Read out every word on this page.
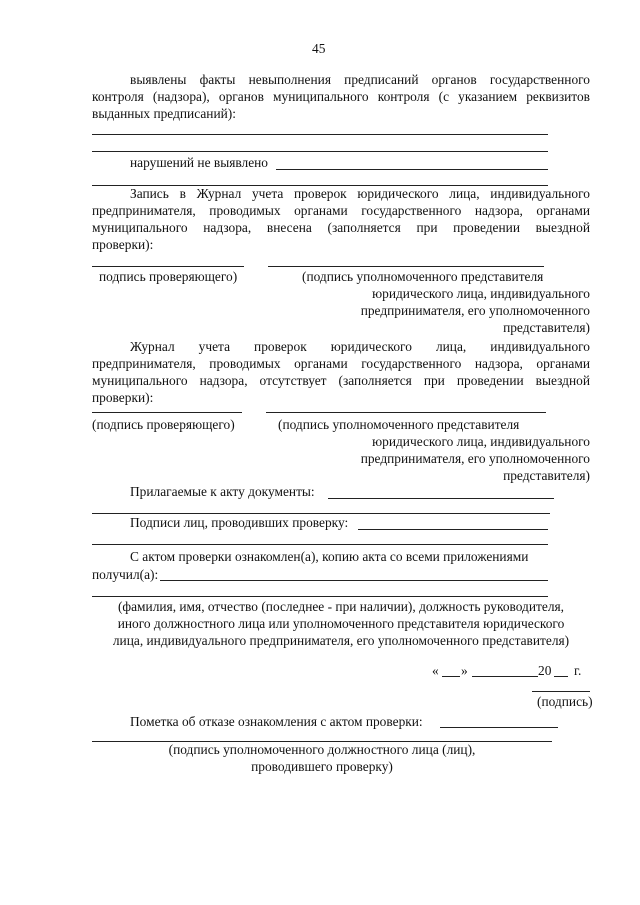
45
выявлены факты невыполнения предписаний органов государственного
контроля (надзора), органов муниципального контроля (с указанием реквизитов
выданных предписаний):
нарушений не выявлено
Запись в Журнал учета проверок юридического лица, индивидуального
предпринимателя, проводимых органами государственного надзора, органами
муниципального надзора, внесена (заполняется при проведении выездной
проверки):
подпись проверяющего)	(подпись уполномоченного представителя
юридического лица, индивидуального
предпринимателя, его уполномоченного
представителя)
Журнал учета проверок юридического лица, индивидуального
предпринимателя, проводимых органами государственного надзора, органами
муниципального надзора, отсутствует (заполняется при проведении выездной
проверки):
(подпись проверяющего)	(подпись уполномоченного представителя
юридического лица, индивидуального
предпринимателя, его уполномоченного
представителя)
Прилагаемые к акту документы:
Подписи лиц, проводивших проверку:
С актом проверки ознакомлен(а), копию акта со всеми приложениями
получил(а):
(фамилия, имя, отчество (последнее - при наличии), должность руководителя,
иного должностного лица или уполномоченного представителя юридического
лица, индивидуального предпринимателя, его уполномоченного представителя)
« »	20 г.
(подпись)
Пометка об отказе ознакомления с актом проверки:
(подпись уполномоченного должностного лица (лиц),
проводившего проверку)
